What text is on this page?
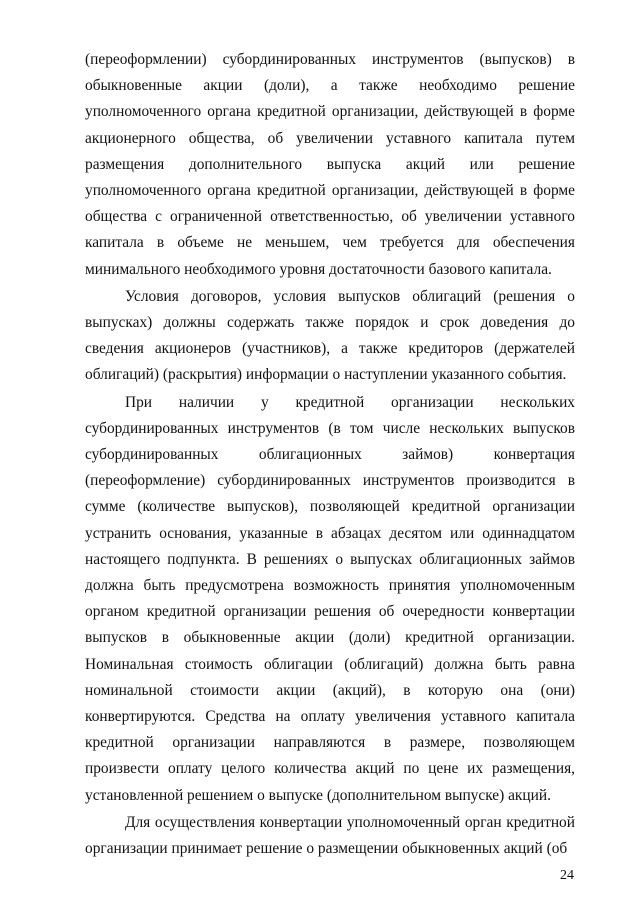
(переоформлении) субординированных инструментов (выпусков) в обыкновенные акции (доли), а также необходимо решение уполномоченного органа кредитной организации, действующей в форме акционерного общества, об увеличении уставного капитала путем размещения дополнительного выпуска акций или решение уполномоченного органа кредитной организации, действующей в форме общества с ограниченной ответственностью, об увеличении уставного капитала в объеме не меньшем, чем требуется для обеспечения минимального необходимого уровня достаточности базового капитала.

Условия договоров, условия выпусков облигаций (решения о выпусках) должны содержать также порядок и срок доведения до сведения акционеров (участников), а также кредиторов (держателей облигаций) (раскрытия) информации о наступлении указанного события.

При наличии у кредитной организации нескольких субординированных инструментов (в том числе нескольких выпусков субординированных облигационных займов) конвертация (переоформление) субординированных инструментов производится в сумме (количестве выпусков), позволяющей кредитной организации устранить основания, указанные в абзацах десятом или одиннадцатом настоящего подпункта. В решениях о выпусках облигационных займов должна быть предусмотрена возможность принятия уполномоченным органом кредитной организации решения об очередности конвертации выпусков в обыкновенные акции (доли) кредитной организации. Номинальная стоимость облигации (облигаций) должна быть равна номинальной стоимости акции (акций), в которую она (они) конвертируются. Средства на оплату увеличения уставного капитала кредитной организации направляются в размере, позволяющем произвести оплату целого количества акций по цене их размещения, установленной решением о выпуске (дополнительном выпуске) акций.

Для осуществления конвертации уполномоченный орган кредитной организации принимает решение о размещении обыкновенных акций (об

24
